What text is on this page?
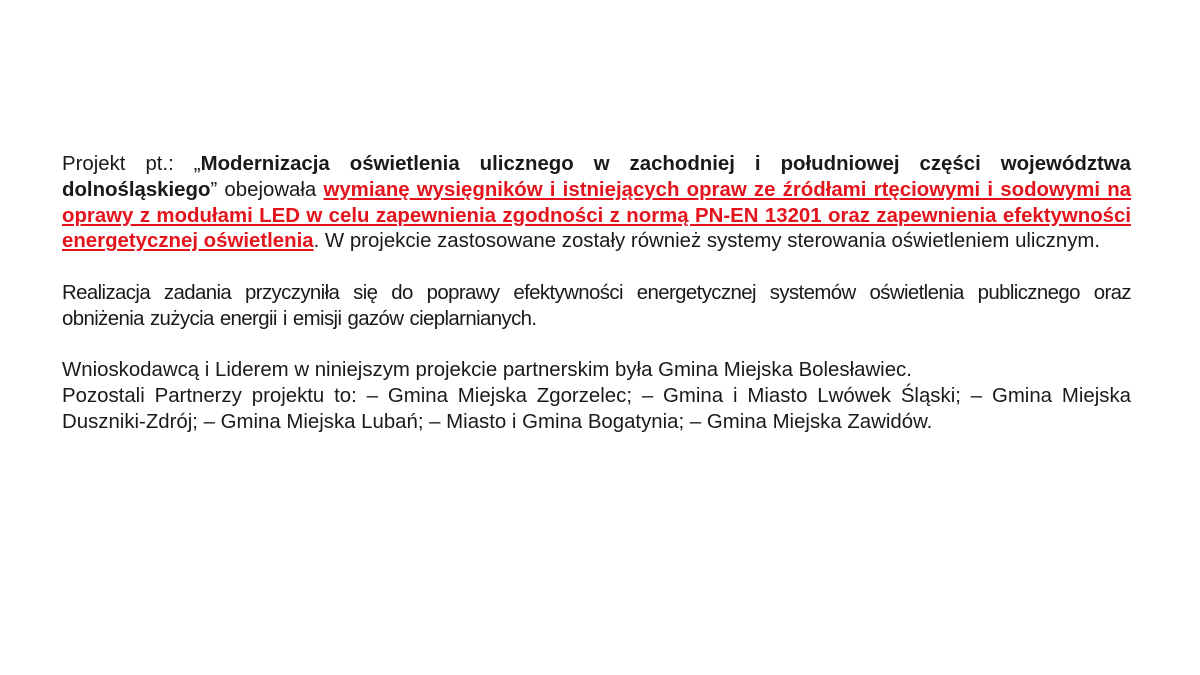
Projekt pt.: „Modernizacja oświetlenia ulicznego w zachodniej i południowej części województwa dolnośląskiego” obejowała wymianę wysięgników i istniejących opraw ze źródłami rtęciowymi i sodowymi na oprawy z modułami LED w celu zapewnienia zgodności z normą PN-EN 13201 oraz zapewnienia efektywności energetycznej oświetlenia. W projekcie zastosowane zostały również systemy sterowania oświetleniem ulicznym.

Realizacja zadania przyczyniła się do poprawy efektywności energetycznej systemów oświetlenia publicznego oraz obniżenia zużycia energii i emisji gazów cieplarnianych.

Wnioskodawcą i Liderem w niniejszym projekcie partnerskim była Gmina Miejska Bolesławiec.
Pozostali Partnerzy projektu to: – Gmina Miejska Zgorzelec; – Gmina i Miasto Lwówek Śląski; – Gmina Miejska Duszniki-Zdrój; – Gmina Miejska Lubań; – Miasto i Gmina Bogatynia; – Gmina Miejska Zawidów.
